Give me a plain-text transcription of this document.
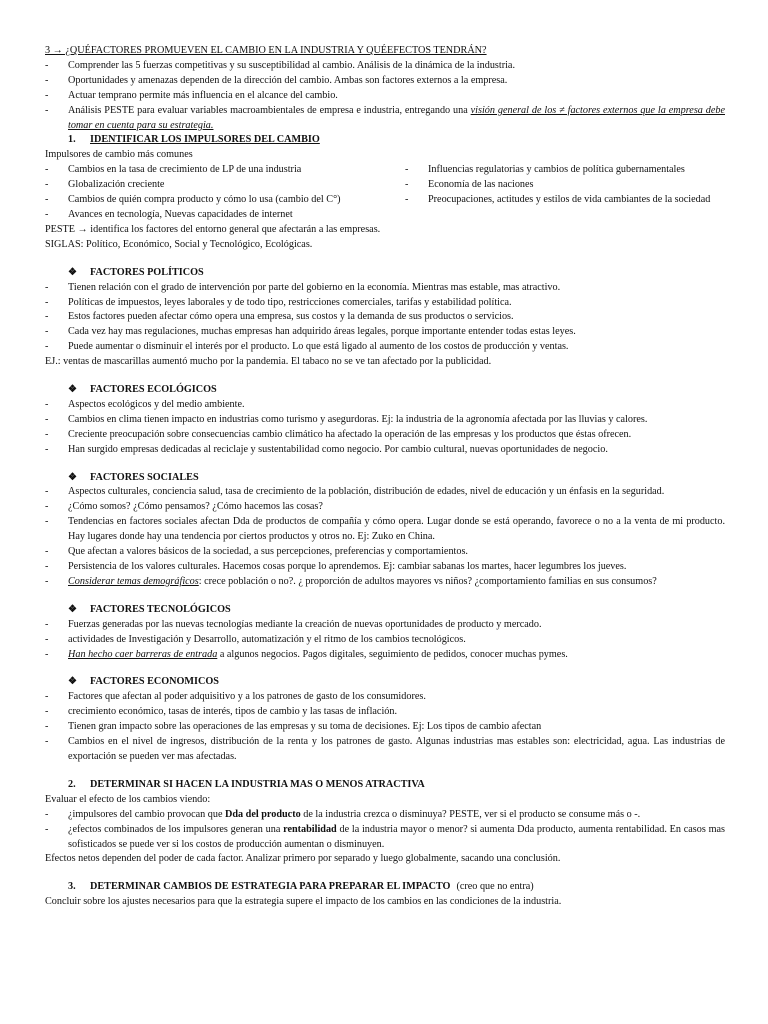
3 → ¿QUÉFACTORES PROMUEVEN EL CAMBIO EN LA INDUSTRIA Y QUÉEFECTOS TENDRÁN?
-	Comprender las 5 fuerzas competitivas y su susceptibilidad al cambio. Análisis de la dinámica de la industria.
-	Oportunidades y amenazas dependen de la dirección del cambio. Ambas son factores externos a la empresa.
-	Actuar temprano permite más influencia en el alcance del cambio.
-	Análisis PESTE para evaluar variables macroambientales de empresa e industria, entregando una visión general de los ≠ factores externos que la empresa debe tomar en cuenta para su estrategia.
1.	IDENTIFICAR LOS IMPULSORES DEL CAMBIO
Impulsores de cambio más comunes
-	Cambios en la tasa de crecimiento de LP de una industria
-	Globalización creciente
-	Cambios de quién compra producto y cómo lo usa (cambio del C°)
-	Influencias regulatorias y cambios de política gubernamentales
-	Economía de las naciones
-	Preocupaciones, actitudes y estilos de vida cambiantes de la sociedad
-	Avances en tecnología, Nuevas capacidades de internet
PESTE → identifica los factores del entorno general que afectarán a las empresas.
SIGLAS: Político, Económico, Social y Tecnológico, Ecológicas.
❖	FACTORES POLÍTICOS
-	Tienen relación con el grado de intervención por parte del gobierno en la economía. Mientras mas estable, mas atractivo.
-	Políticas de impuestos, leyes laborales y de todo tipo, restricciones comerciales, tarifas y estabilidad política.
-	Estos factores pueden afectar cómo opera una empresa, sus costos y la demanda de sus productos o servicios.
-	Cada vez hay mas regulaciones, muchas empresas han adquirido áreas legales, porque importante entender todas estas leyes.
-	Puede aumentar o disminuir el interés por el producto. Lo que está ligado al aumento de los costos de producción y ventas.
EJ.: ventas de mascarillas aumentó mucho por la pandemia. El tabaco no se ve tan afectado por la publicidad.
❖	FACTORES ECOLÓGICOS
-	Aspectos ecológicos y del medio ambiente.
-	Cambios en clima tienen impacto en industrias como turismo y asegurdoras. Ej: la industria de la agronomía afectada por las lluvias y calores.
-	Creciente preocupación sobre consecuencias cambio climático ha afectado la operación de las empresas y los productos que éstas ofrecen.
-	Han surgido empresas dedicadas al reciclaje y sustentabilidad como negocio. Por cambio cultural, nuevas oportunidades de negocio.
❖	FACTORES SOCIALES
-	Aspectos culturales, conciencia salud, tasa de crecimiento de la población, distribución de edades, nivel de educación y un énfasis en la seguridad.
-	¿Cómo somos? ¿Cómo pensamos? ¿Cómo hacemos las cosas?
-	Tendencias en factores sociales afectan Dda de productos de compañía y cómo opera. Lugar donde se está operando, favorece o no a la venta de mi producto. Hay lugares donde hay una tendencia por ciertos productos y otros no. Ej: Zuko en China.
-	Que afectan a valores básicos de la sociedad, a sus percepciones, preferencias y comportamientos.
-	Persistencia de los valores culturales. Hacemos cosas porque lo aprendemos. Ej: cambiar sabanas los martes, hacer legumbres los jueves.
-	Considerar temas demográficos: crece población o no?. ¿ proporción de adultos mayores vs niños? ¿comportamiento familias en sus consumos?
❖	FACTORES TECNOLÓGICOS
-	Fuerzas generadas por las nuevas tecnologías mediante la creación de nuevas oportunidades de producto y mercado.
-	actividades de Investigación y Desarrollo, automatización y el ritmo de los cambios tecnológicos.
-	Han hecho caer barreras de entrada a algunos negocios. Pagos digitales, seguimiento de pedidos, conocer muchas pymes.
❖	FACTORES ECONOMICOS
-	Factores que afectan al poder adquisitivo y a los patrones de gasto de los consumidores.
-	crecimiento económico, tasas de interés, tipos de cambio y las tasas de inflación.
-	Tienen gran impacto sobre las operaciones de las empresas y su toma de decisiones. Ej: Los tipos de cambio afectan
-	Cambios en el nivel de ingresos, distribución de la renta y los patrones de gasto. Algunas industrias mas estables son: electricidad, agua. Las industrias de exportación se pueden ver mas afectadas.
2.	DETERMINAR SI HACEN LA INDUSTRIA MAS O MENOS ATRACTIVA
Evaluar el efecto de los cambios viendo:
-	¿impulsores del cambio provocan que Dda del producto de la industria crezca o disminuya? PESTE, ver si el producto se consume más o -.
-	¿efectos combinados de los impulsores generan una rentabilidad de la industria mayor o menor? si aumenta Dda producto, aumenta rentabilidad. En casos mas sofisticados se puede ver si los costos de producción aumentan o disminuyen.
Efectos netos dependen del poder de cada factor. Analizar primero por separado y luego globalmente, sacando una conclusión.
3.	DETERMINAR CAMBIOS DE ESTRATEGIA PARA PREPARAR EL IMPACTO (creo que no entra)
Concluir sobre los ajustes necesarios para que la estrategia supere el impacto de los cambios en las condiciones de la industria.
